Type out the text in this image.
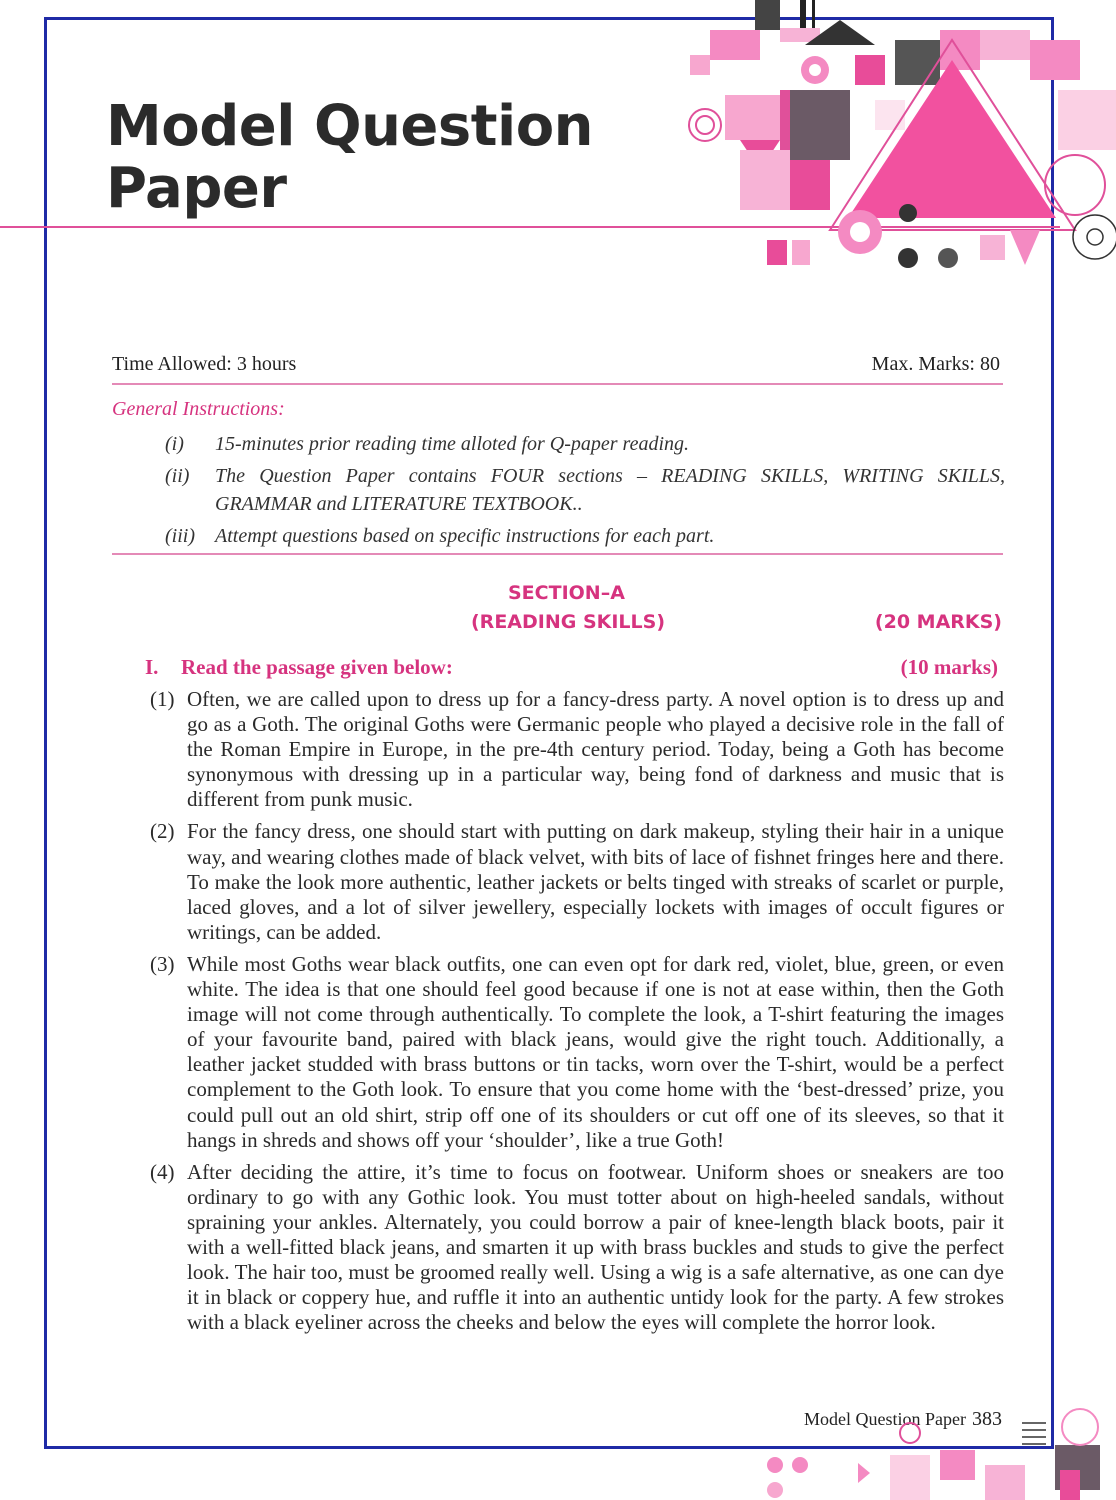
Model Question
Paper
Time Allowed: 3 hours	Max. Marks: 80
General Instructions:
(i)	15-minutes prior reading time alloted for Q-paper reading.
(ii)	The Question Paper contains FOUR sections – READING SKILLS, WRITING SKILLS, GRAMMAR and LITERATURE TEXTBOOK..
(iii)	Attempt questions based on specific instructions for each part.
SECTION–A
(READING SKILLS)	(20 MARKS)
I. Read the passage given below:	(10 marks)
(1) Often, we are called upon to dress up for a fancy-dress party. A novel option is to dress up and go as a Goth. The original Goths were Germanic people who played a decisive role in the fall of the Roman Empire in Europe, in the pre-4th century period. Today, being a Goth has become synonymous with dressing up in a particular way, being fond of darkness and music that is different from punk music.
(2) For the fancy dress, one should start with putting on dark makeup, styling their hair in a unique way, and wearing clothes made of black velvet, with bits of lace of fishnet fringes here and there. To make the look more authentic, leather jackets or belts tinged with streaks of scarlet or purple, laced gloves, and a lot of silver jewellery, especially lockets with images of occult figures or writings, can be added.
(3) While most Goths wear black outfits, one can even opt for dark red, violet, blue, green, or even white. The idea is that one should feel good because if one is not at ease within, then the Goth image will not come through authentically. To complete the look, a T-shirt featuring the images of your favourite band, paired with black jeans, would give the right touch. Additionally, a leather jacket studded with brass buttons or tin tacks, worn over the T-shirt, would be a perfect complement to the Goth look. To ensure that you come home with the ‘best-dressed’ prize, you could pull out an old shirt, strip off one of its shoulders or cut off one of its sleeves, so that it hangs in shreds and shows off your ‘shoulder’, like a true Goth!
(4) After deciding the attire, it’s time to focus on footwear. Uniform shoes or sneakers are too ordinary to go with any Gothic look. You must totter about on high-heeled sandals, without spraining your ankles. Alternately, you could borrow a pair of knee-length black boots, pair it with a well-fitted black jeans, and smarten it up with brass buckles and studs to give the perfect look. The hair too, must be groomed really well. Using a wig is a safe alternative, as one can dye it in black or coppery hue, and ruffle it into an authentic untidy look for the party. A few strokes with a black eyeliner across the cheeks and below the eyes will complete the horror look.
Model Question Paper 383
